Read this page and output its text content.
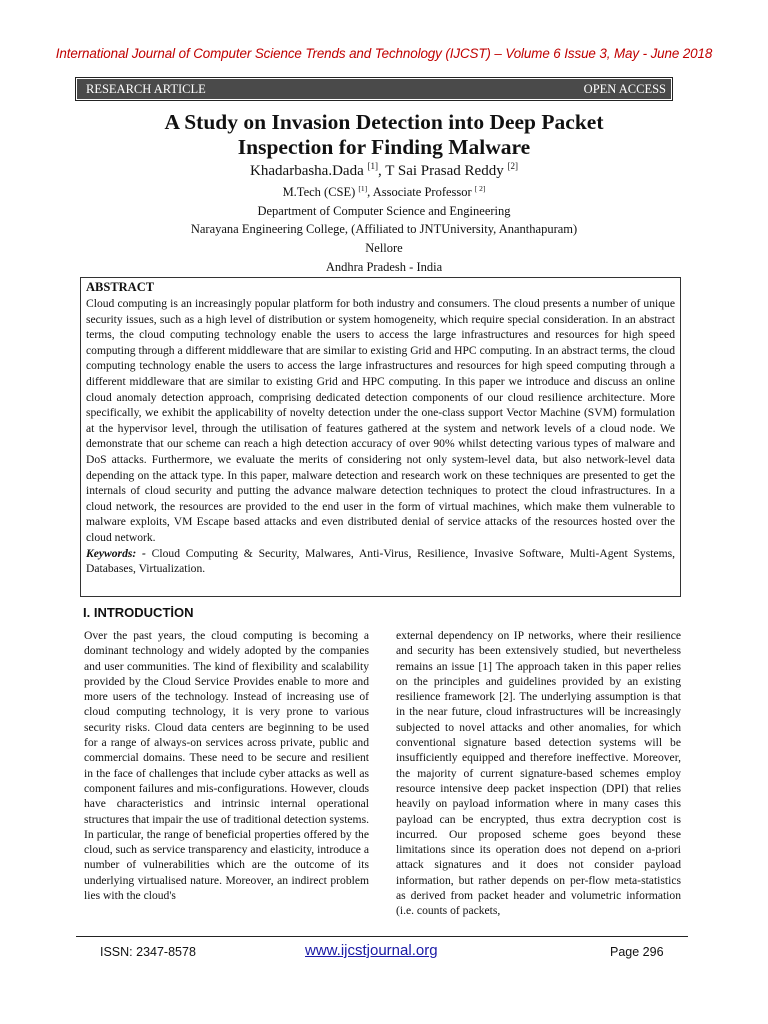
International Journal of Computer Science Trends and Technology (IJCST) – Volume 6 Issue 3, May - June 2018
RESEARCH ARTICLE	OPEN ACCESS
A Study on Invasion Detection into Deep Packet
Inspection for Finding Malware
Khadarbasha.Dada [1], T Sai Prasad Reddy [2]
M.Tech (CSE) [1], Associate Professor [ 2]
Department of Computer Science and Engineering
Narayana Engineering College, (Affiliated to JNTUniversity, Ananthapuram)
Nellore
Andhra Pradesh - India
ABSTRACT
Cloud computing is an increasingly popular platform for both industry and consumers. The cloud presents a number of unique security issues, such as a high level of distribution or system homogeneity, which require special consideration. In an abstract terms, the cloud computing technology enable the users to access the large infrastructures and resources for high speed computing through a different middleware that are similar to existing Grid and HPC computing. In an abstract terms, the cloud computing technology enable the users to access the large infrastructures and resources for high speed computing through a different middleware that are similar to existing Grid and HPC computing. In this paper we introduce and discuss an online cloud anomaly detection approach, comprising dedicated detection components of our cloud resilience architecture. More specifically, we exhibit the applicability of novelty detection under the one-class support Vector Machine (SVM) formulation at the hypervisor level, through the utilisation of features gathered at the system and network levels of a cloud node. We demonstrate that our scheme can reach a high detection accuracy of over 90% whilst detecting various types of malware and DoS attacks. Furthermore, we evaluate the merits of considering not only system-level data, but also network-level data depending on the attack type. In this paper, malware detection and research work on these techniques are presented to get the internals of cloud security and putting the advance malware detection techniques to protect the cloud infrastructures. In a cloud network, the resources are provided to the end user in the form of virtual machines, which make them vulnerable to malware exploits, VM Escape based attacks and even distributed denial of service attacks of the resources hosted over the cloud network.
Keywords: - Cloud Computing & Security, Malwares, Anti-Virus, Resilience, Invasive Software, Multi-Agent Systems, Databases, Virtualization.
I. INTRODUCTİON
Over the past years, the cloud computing is becoming a dominant technology and widely adopted by the companies and user communities. The kind of flexibility and scalability provided by the Cloud Service Provides enable to more and more users of the technology. Instead of increasing use of cloud computing technology, it is very prone to various security risks. Cloud data centers are beginning to be used for a range of always-on services across private, public and commercial domains. These need to be secure and resilient in the face of challenges that include cyber attacks as well as component failures and mis-configurations. However, clouds have characteristics and intrinsic internal operational structures that impair the use of traditional detection systems. In particular, the range of beneficial properties offered by the cloud, such as service transparency and elasticity, introduce a number of vulnerabilities which are the outcome of its underlying virtualised nature. Moreover, an indirect problem lies with the cloud's
external dependency on IP networks, where their resilience and security has been extensively studied, but nevertheless remains an issue [1] The approach taken in this paper relies on the principles and guidelines provided by an existing resilience framework [2]. The underlying assumption is that in the near future, cloud infrastructures will be increasingly subjected to novel attacks and other anomalies, for which conventional signature based detection systems will be insufficiently equipped and therefore ineffective. Moreover, the majority of current signature-based schemes employ resource intensive deep packet inspection (DPI) that relies heavily on payload information where in many cases this payload can be encrypted, thus extra decryption cost is incurred. Our proposed scheme goes beyond these limitations since its operation does not depend on a-priori attack signatures and it does not consider payload information, but rather depends on per-flow meta-statistics as derived from packet header and volumetric information (i.e. counts of packets,
ISSN: 2347-8578	www.ijcstjournal.org	Page 296
